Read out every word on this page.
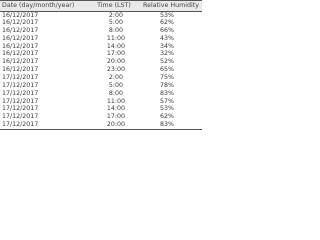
Date (day/month/year)	Time (LST)	Relative Humidity
16/12/2017	2:00	53%
16/12/2017	5:00	62%
16/12/2017	8:00	66%
16/12/2017	11:00	43%
16/12/2017	14:00	34%
16/12/2017	17:00	32%
16/12/2017	20:00	52%
16/12/2017	23:00	65%
17/12/2017	2:00	75%
17/12/2017	5:00	78%
17/12/2017	8:00	83%
17/12/2017	11:00	57%
17/12/2017	14:00	53%
17/12/2017	17:00	62%
17/12/2017	20:00	83%
